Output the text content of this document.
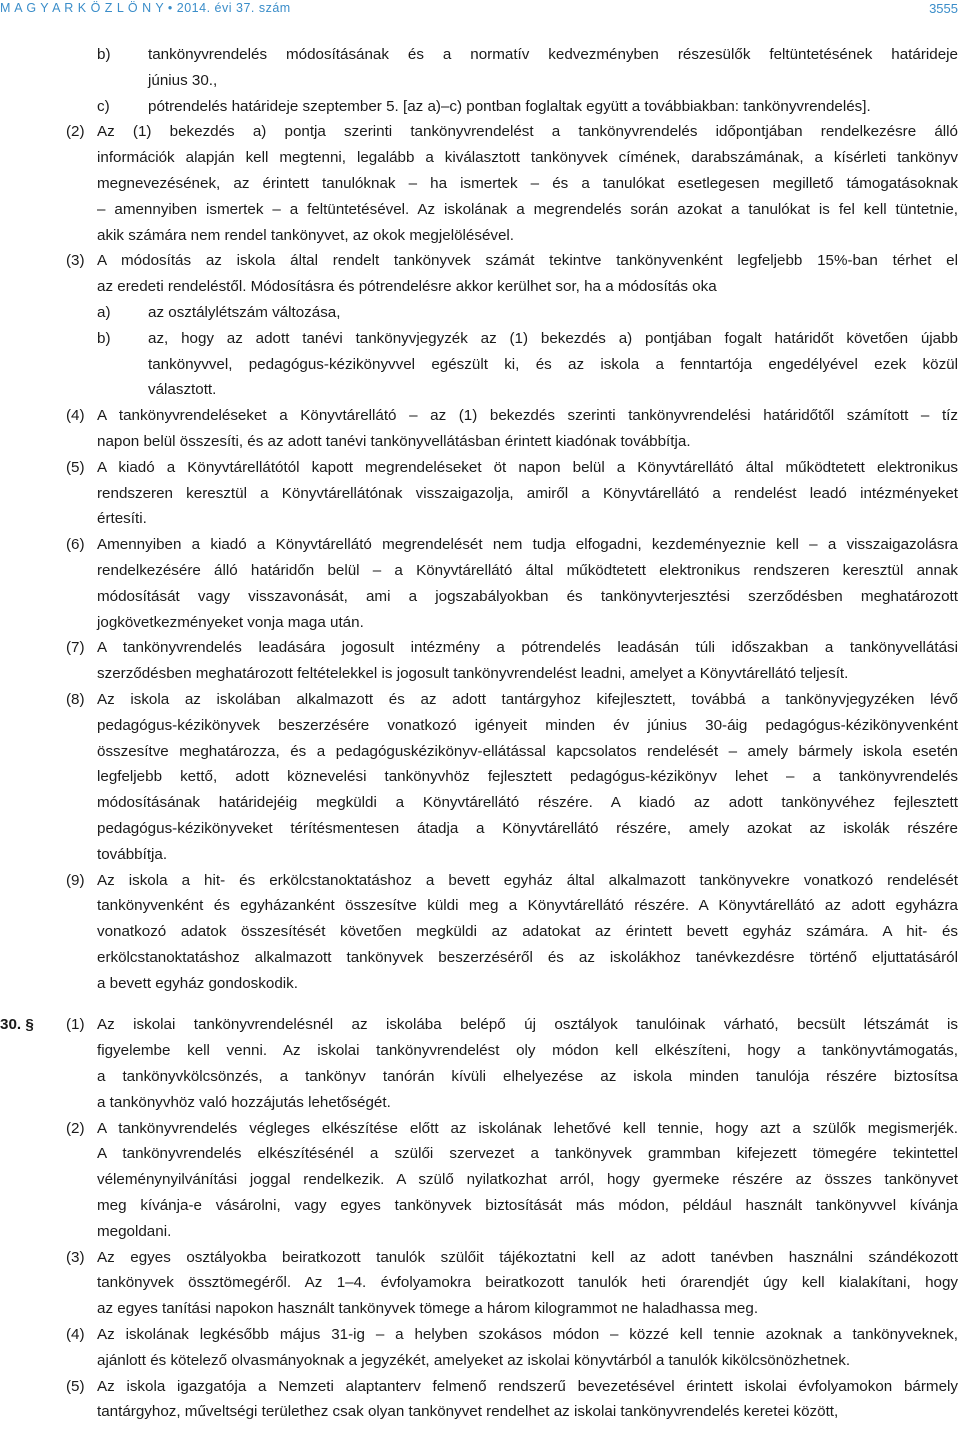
M A G Y A R K Ö Z L Ö N Y • 2014. évi 37. szám	3555
b) tankönyvrendelés módosításának és a normatív kedvezményben részesülők feltüntetésének határideje
június 30.,
c)	pótrendelés határideje szeptember 5. [az a)–c) pontban foglaltak együtt a továbbiakban: tankönyvrendelés].
(2) Az (1) bekezdés a) pontja szerinti tankönyvrendelést a tankönyvrendelés időpontjában rendelkezésre álló
információk alapján kell megtenni, legalább a kiválasztott tankönyvek címének, darabszámának, a kísérleti tankönyv
megnevezésének, az érintett tanulóknak – ha ismertek – és a tanulókat esetlegesen megillető támogatásoknak
– amennyiben ismertek – a feltüntetésével. Az iskolának a megrendelés során azokat a tanulókat is fel kell tüntetnie,
akik számára nem rendel tankönyvet, az okok megjelölésével.
(3) A módosítás az iskola által rendelt tankönyvek számát tekintve tankönyvenként legfeljebb 15%-ban térhet el
az eredeti rendeléstől. Módosításra és pótrendelésre akkor kerülhet sor, ha a módosítás oka
a) az osztálylétszám változása,
b) az, hogy az adott tanévi tankönyvjegyzék az (1) bekezdés a) pontjában fogalt határidőt követően újabb
tankönyvvel, pedagógus-kézikönyvvel egészült ki, és az iskola a fenntartója engedélyével ezek közül
választott.
(4) A tankönyvrendeléseket a Könyvtárellátó – az (1) bekezdés szerinti tankönyvrendelési határidőtől számított – tíz
napon belül összesíti, és az adott tanévi tankönyvellátásban érintett kiadónak továbbítja.
(5) A kiadó a Könyvtárellátótól kapott megrendeléseket öt napon belül a Könyvtárellátó által működtetett elektronikus
rendszeren keresztül a Könyvtárellátónak visszaigazolja, amiről a Könyvtárellátó a rendelést leadó intézményeket
értesíti.
(6) Amennyiben a kiadó a Könyvtárellátó megrendelését nem tudja elfogadni, kezdeményeznie kell – a visszaigazolásra
rendelkezésére álló határidőn belül – a Könyvtárellátó által működtetett elektronikus rendszeren keresztül annak
módosítását vagy visszavonását, ami a jogszabályokban és tankönyvterjesztési szerződésben meghatározott
jogkövetkezményeket vonja maga után.
(7) A tankönyvrendelés leadására jogosult intézmény a pótrendelés leadásán túli időszakban a tankönyvellátási
szerződésben meghatározott feltételekkel is jogosult tankönyvrendelést leadni, amelyet a Könyvtárellátó teljesít.
(8) Az iskola az iskolában alkalmazott és az adott tantárgyhoz kifejlesztett, továbbá a tankönyvjegyzéken lévő
pedagógus-kézikönyvek beszerzésére vonatkozó igényeit minden év június 30-áig pedagógus-kézikönyvenként
összesítve meghatározza, és a pedagóguskézikönyv-ellátással kapcsolatos rendelését – amely bármely iskola esetén
legfeljebb kettő, adott köznevelési tankönyvhöz fejlesztett pedagógus-kézikönyv lehet – a tankönyvrendelés
módosításának határidejéig megküldi a Könyvtárellátó részére. A kiadó az adott tankönyvéhez fejlesztett
pedagógus-kézikönyveket térítésmentesen átadja a Könyvtárellátó részére, amely azokat az iskolák részére
továbbítja.
(9) Az iskola a hit- és erkölcstanoktatáshoz a bevett egyház által alkalmazott tankönyvekre vonatkozó rendelését
tankönyvenként és egyházanként összesítve küldi meg a Könyvtárellátó részére. A Könyvtárellátó az adott egyházra
vonatkozó adatok összesítését követően megküldi az adatokat az érintett bevett egyház számára. A hit- és
erkölcstanoktatáshoz alkalmazott tankönyvek beszerzéséről és az iskolákhoz tanévkezdésre történő eljuttatásáról
a bevett egyház gondoskodik.
30. § (1) Az iskolai tankönyvrendelésnél az iskolába belépő új osztályok tanulóinak várható, becsült létszámát is
figyelembe kell venni. Az iskolai tankönyvrendelést oly módon kell elkészíteni, hogy a tankönyvtámogatás,
a tankönyvkölcsönzés, a tankönyv tanórán kívüli elhelyezése az iskola minden tanulója részére biztosítsa
a tankönyvhöz való hozzájutás lehetőségét.
(2) A tankönyvrendelés végleges elkészítése előtt az iskolának lehetővé kell tennie, hogy azt a szülők megismerjék.
A tankönyvrendelés elkészítésénél a szülői szervezet a tankönyvek grammban kifejezett tömegére tekintettel
véleménynyilvánítási joggal rendelkezik. A szülő nyilatkozhat arról, hogy gyermeke részére az összes tankönyvet
meg kívánja-e vásárolni, vagy egyes tankönyvek biztosítását más módon, például használt tankönyvvel kívánja
megoldani.
(3) Az egyes osztályokba beiratkozott tanulók szülőit tájékoztatni kell az adott tanévben használni szándékozott
tankönyvek össztömegéről. Az 1–4. évfolyamokra beiratkozott tanulók heti órarendjét úgy kell kialakítani, hogy
az egyes tanítási napokon használt tankönyvek tömege a három kilogrammot ne haladhassa meg.
(4) Az iskolának legkésőbb május 31-ig – a helyben szokásos módon – közzé kell tennie azoknak a tankönyveknek,
ajánlott és kötelező olvasmányoknak a jegyzékét, amelyeket az iskolai könyvtárból a tanulók kikölcsönözhetnek.
(5) Az iskola igazgatója a Nemzeti alaptanterv felmenő rendszerű bevezetésével érintett iskolai évfolyamokon bármely
tantárgyhoz, műveltségi területhez csak olyan tankönyvet rendelhet az iskolai tankönyvrendelés keretei között,
